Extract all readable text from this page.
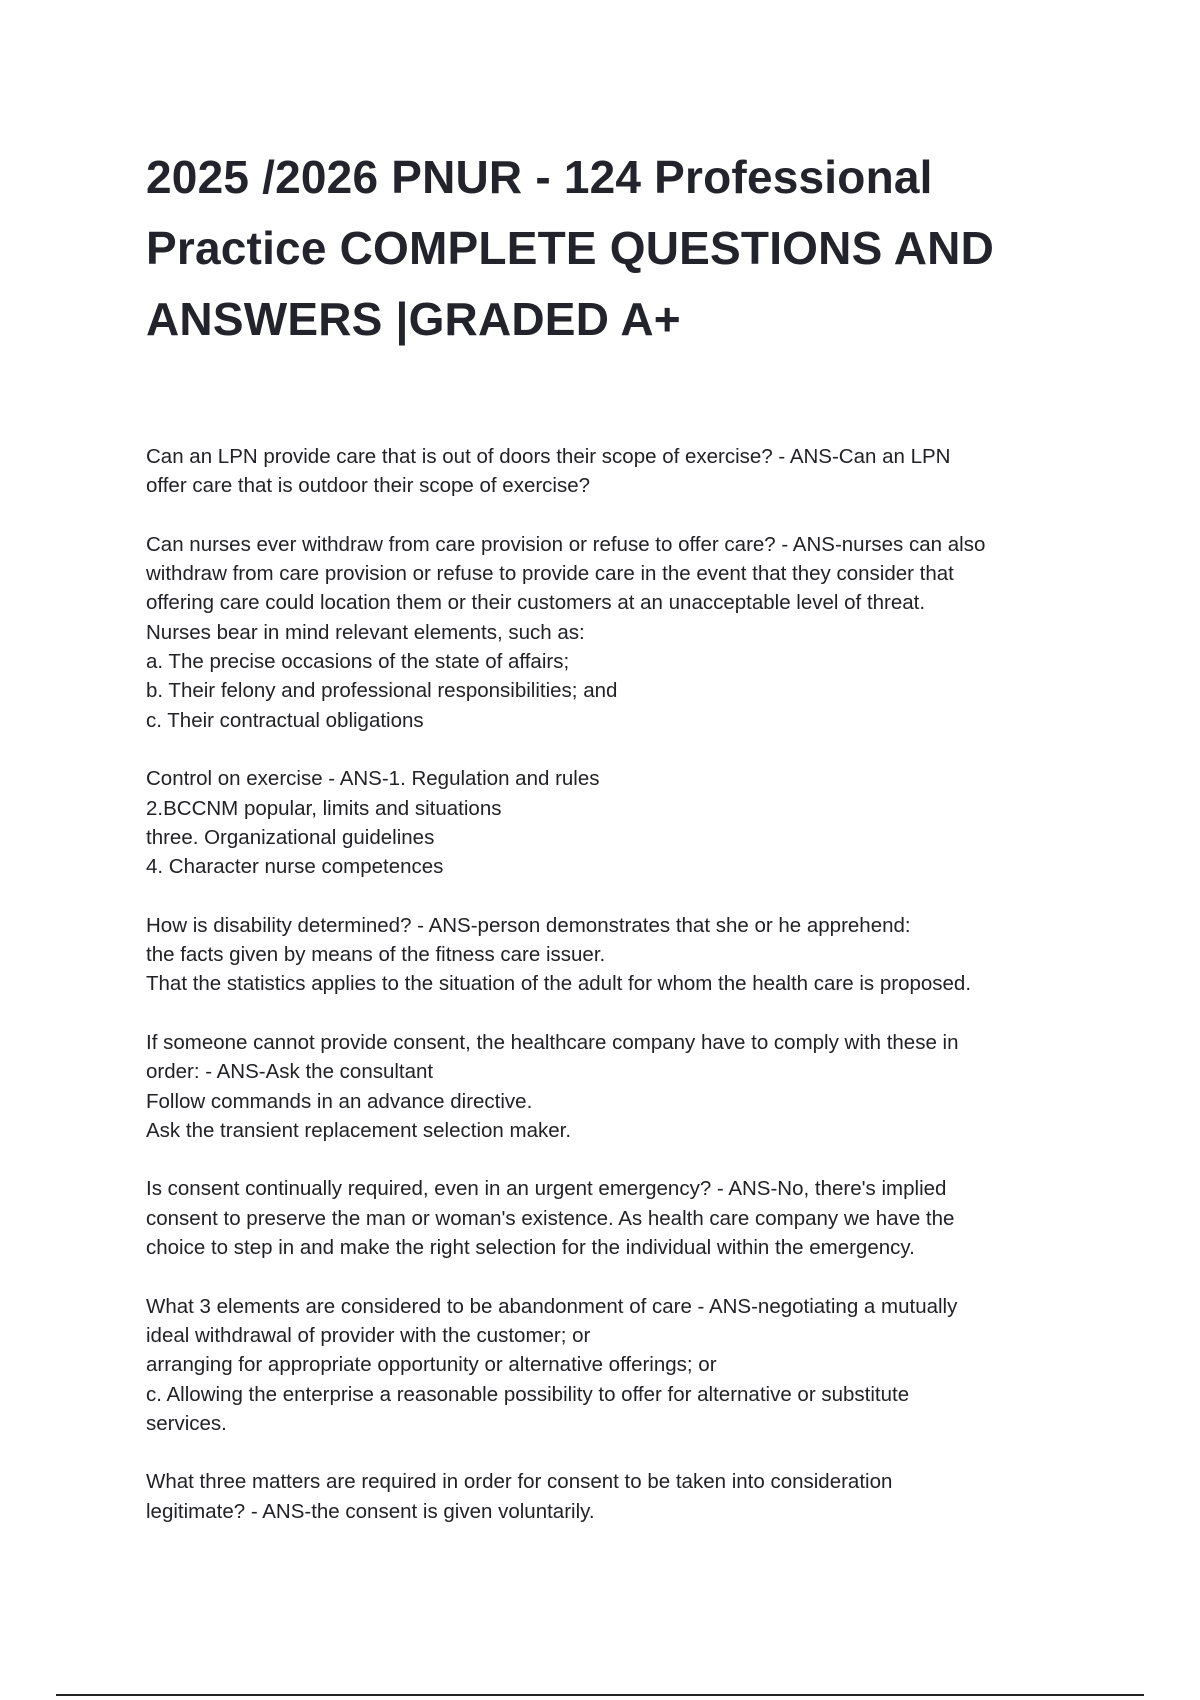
2025 /2026 PNUR - 124 Professional
Practice COMPLETE QUESTIONS AND
ANSWERS |GRADED A+

Can an LPN provide care that is out of doors their scope of exercise? - ANS-Can an LPN

offer care that is outdoor their scope of exercise?

Can nurses ever withdraw from care provision or refuse to offer care? - ANS-nurses can also

withdraw from care provision or refuse to provide care in the event that they consider that

offering care could location them or their customers at an unacceptable level of threat.

Nurses bear in mind relevant elements, such as:

a. The precise occasions of the state of affairs;

b. Their felony and professional responsibilities; and

c. Their contractual obligations

Control on exercise - ANS-1. Regulation and rules

2.BCCNM popular, limits and situations

three. Organizational guidelines

4. Character nurse competences

How is disability determined? - ANS-person demonstrates that she or he apprehend:

the facts given by means of the fitness care issuer.

That the statistics applies to the situation of the adult for whom the health care is proposed.

If someone cannot provide consent, the healthcare company have to comply with these in

order: - ANS-Ask the consultant

Follow commands in an advance directive.

Ask the transient replacement selection maker.

Is consent continually required, even in an urgent emergency? - ANS-No, there's implied

consent to preserve the man or woman's existence. As health care company we have the

choice to step in and make the right selection for the individual within the emergency.

What 3 elements are considered to be abandonment of care - ANS-negotiating a mutually

ideal withdrawal of provider with the customer; or

arranging for appropriate opportunity or alternative offerings; or

c. Allowing the enterprise a reasonable possibility to offer for alternative or substitute

services.

What three matters are required in order for consent to be taken into consideration

legitimate? - ANS-the consent is given voluntarily.
